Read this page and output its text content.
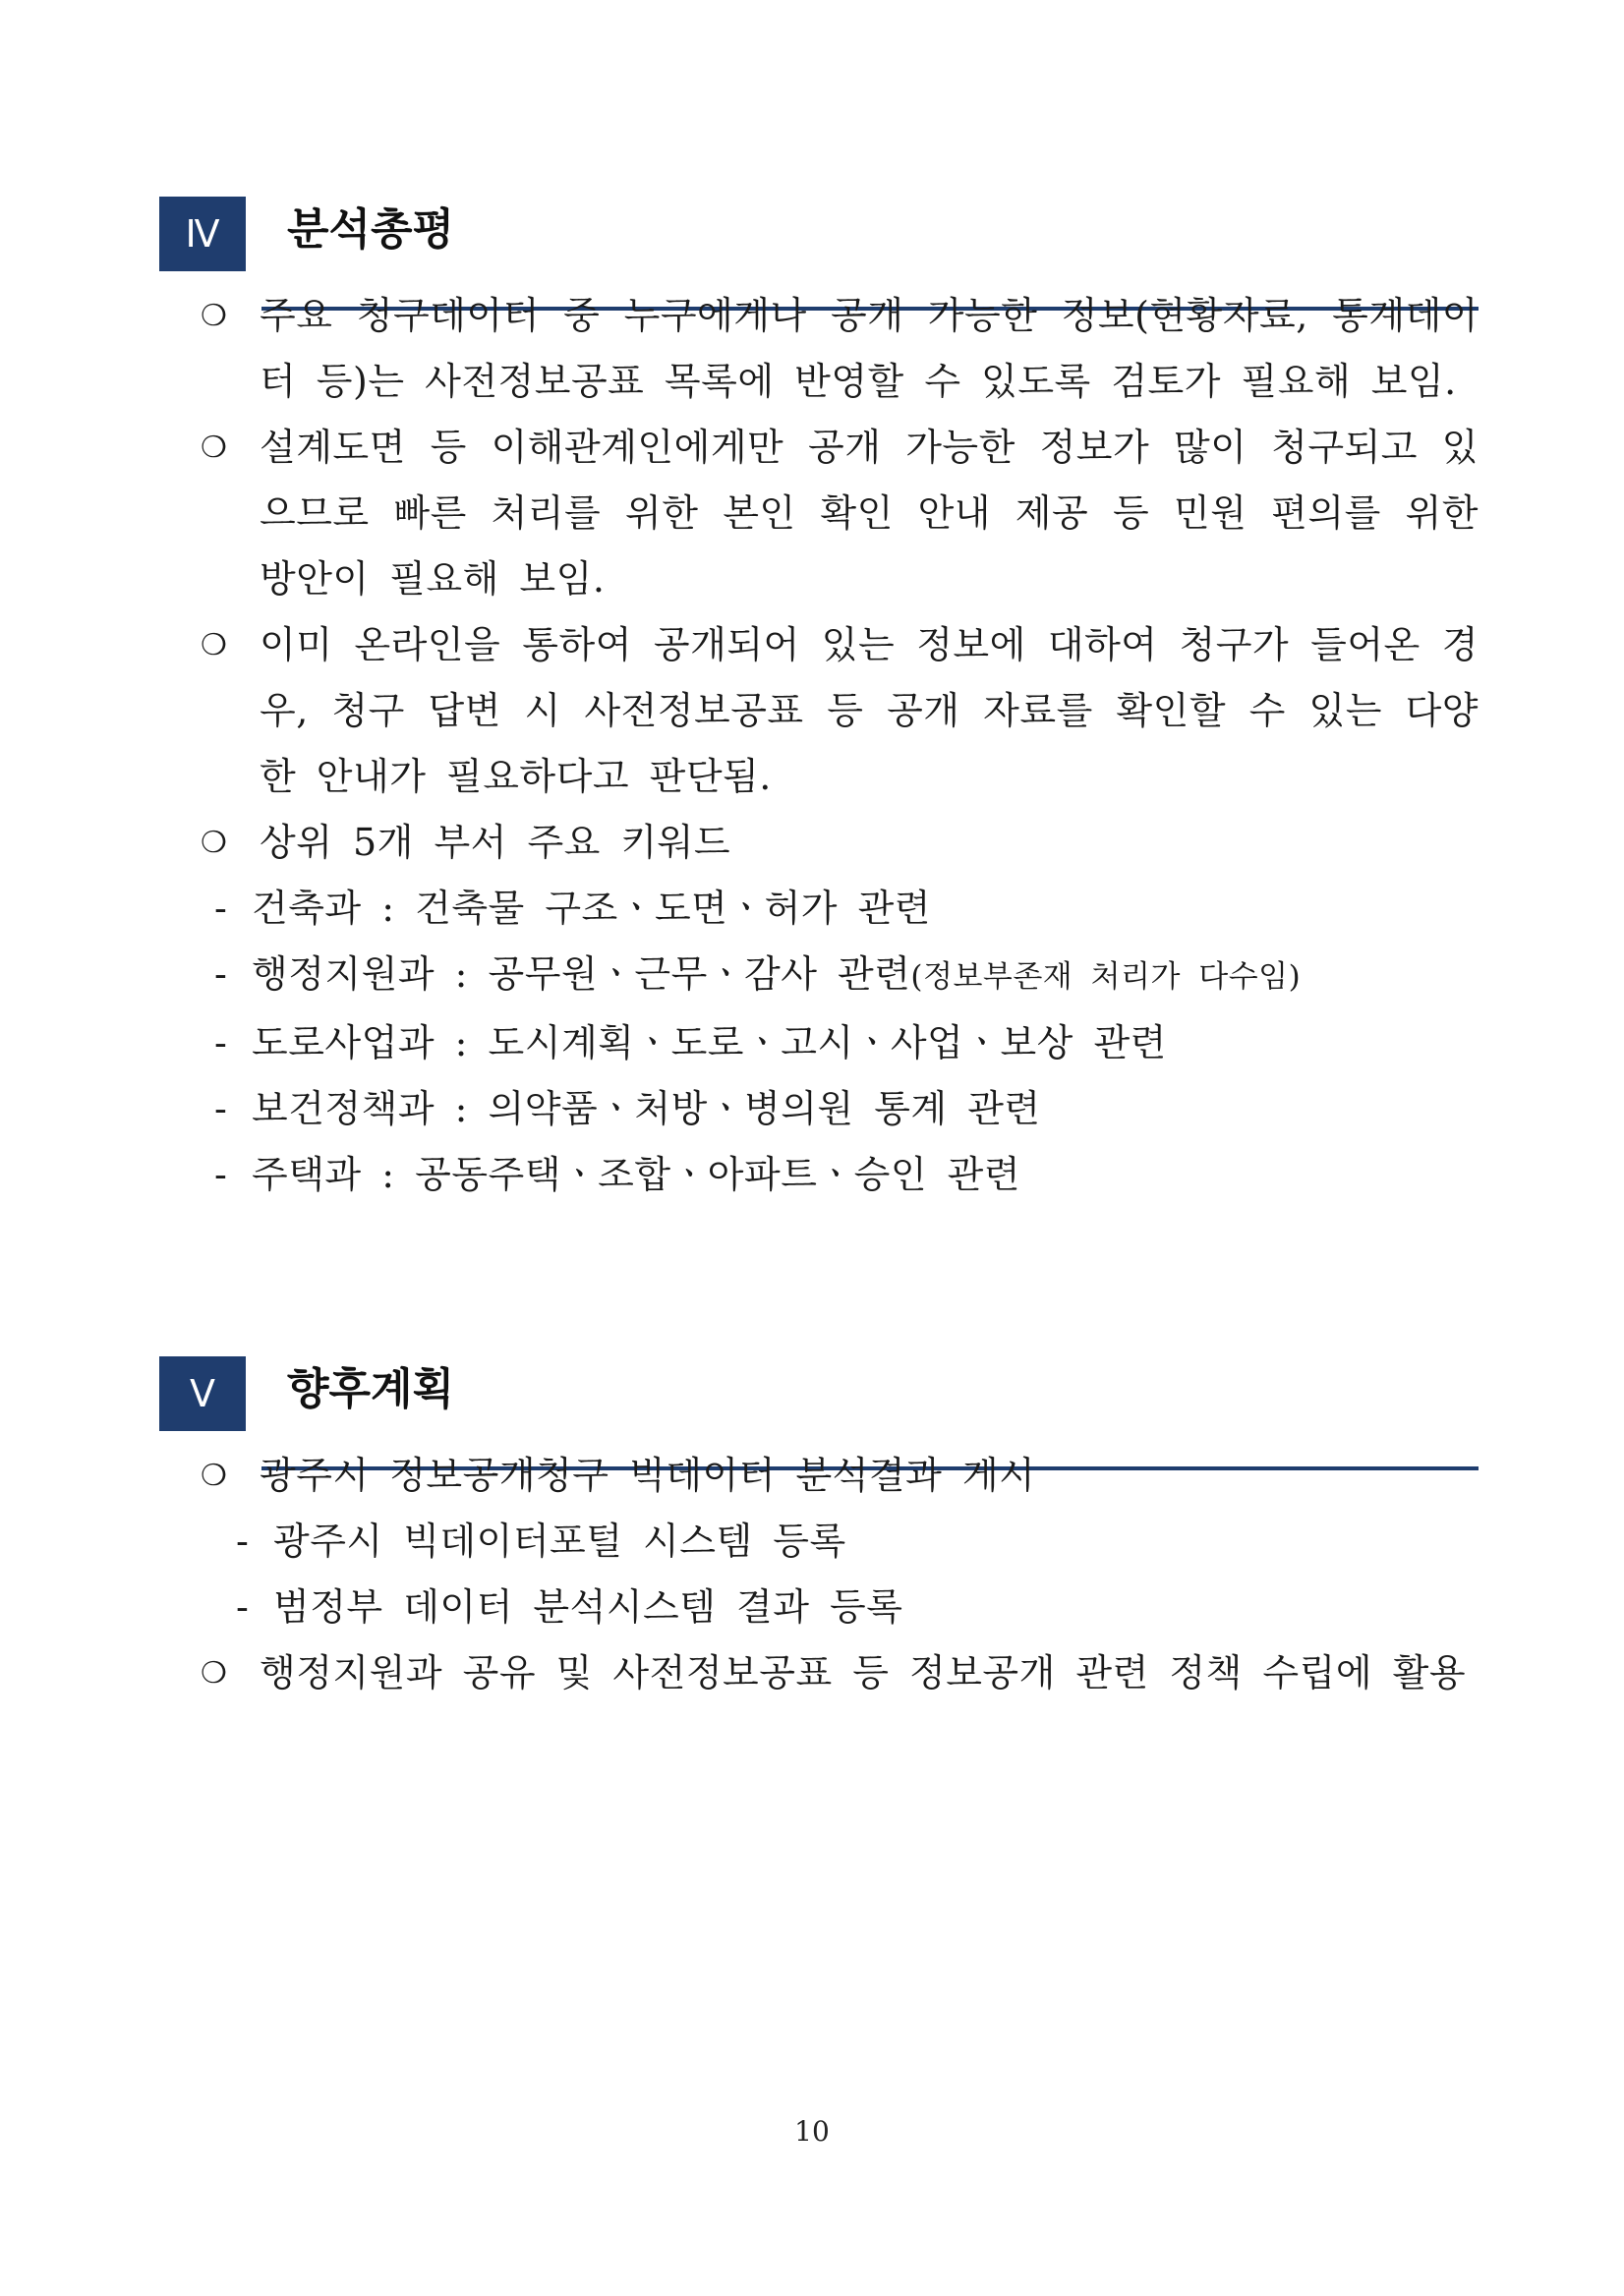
Ⅳ	분석총평
❍ 주요 청구데이터 중 누구에게나 공개 가능한 정보(현황자료, 통계데이터 등)는 사전정보공표 목록에 반영할 수 있도록 검토가 필요해 보임.
❍ 설계도면 등 이해관계인에게만 공개 가능한 정보가 많이 청구되고 있으므로 빠른 처리를 위한 본인 확인 안내 제공 등 민원 편의를 위한 방안이 필요해 보임.
❍ 이미 온라인을 통하여 공개되어 있는 정보에 대하여 청구가 들어온 경우, 청구 답변 시 사전정보공표 등 공개 자료를 확인할 수 있는 다양한 안내가 필요하다고 판단됨.
❍ 상위 5개 부서 주요 키워드
- 건축과 : 건축물 구조ㆍ도면ㆍ허가 관련
- 행정지원과 : 공무원ㆍ근무ㆍ감사 관련(정보부존재 처리가 다수임)
- 도로사업과 : 도시계획ㆍ도로ㆍ고시ㆍ사업ㆍ보상 관련
- 보건정책과 : 의약품ㆍ처방ㆍ병의원 통계 관련
- 주택과 : 공동주택ㆍ조합ㆍ아파트ㆍ승인 관련
Ⅴ	향후계획
❍ 광주시 정보공개청구 빅데이터 분석결과 게시
- 광주시 빅데이터포털 시스템 등록
- 범정부 데이터 분석시스템 결과 등록
❍ 행정지원과 공유 및 사전정보공표 등 정보공개 관련 정책 수립에 활용
10
